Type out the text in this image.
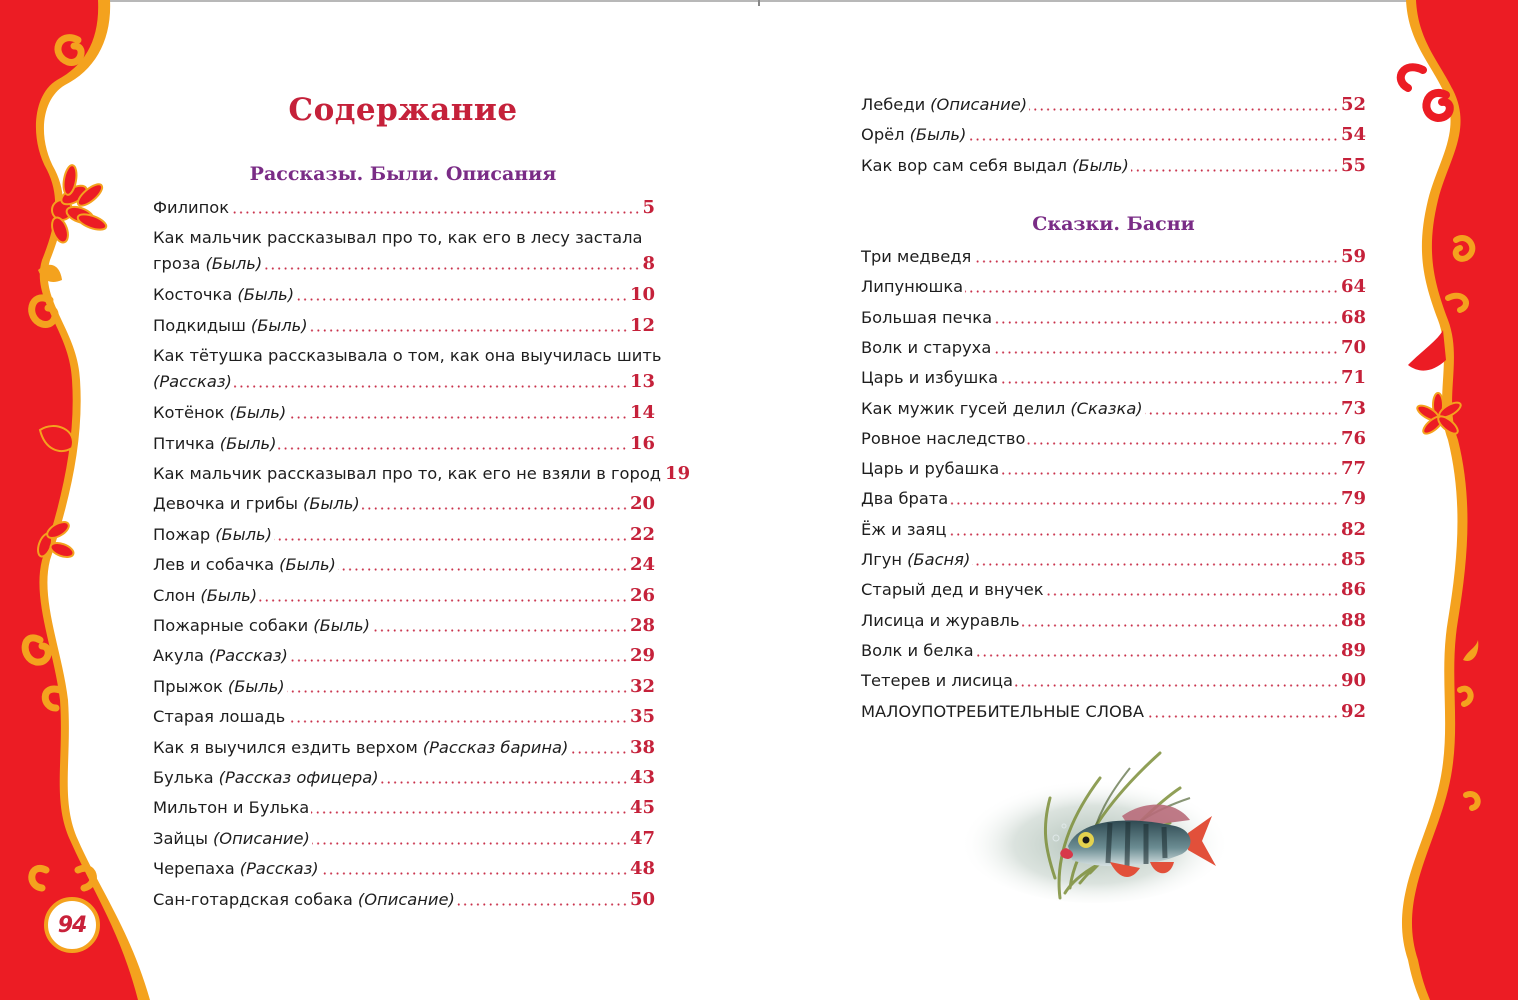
94
Содержание
Рассказы. Были. Описания
Филипок	5
Как мальчик рассказывал про то, как его в лесу застала
гроза (Быль)	8
Косточка (Быль)	10
Подкидыш (Быль)	12
Как тётушка рассказывала о том, как она выучилась шить
(Рассказ)	13
Котёнок (Быль)	14
Птичка (Быль)	16
Как мальчик рассказывал про то, как его не взяли в город 19
Девочка и грибы (Быль)	20
Пожар (Быль)	22
Лев и собачка (Быль)	24
Слон (Быль)	26
Пожарные собаки (Быль)	28
Акула (Рассказ)	29
Прыжок (Быль)	32
Старая лошадь	35
Как я выучился ездить верхом (Рассказ барина)	38
Булька (Рассказ офицера)	43
Мильтон и Булька	45
Зайцы (Описание)	47
Черепаха (Рассказ)	48
Сан-готардская собака (Описание)	50
Лебеди (Описание)	52
Орёл (Быль)	54
Как вор сам себя выдал (Быль)	55
Сказки. Басни
Три медведя	59
Липунюшка	64
Большая печка	68
Волк и старуха	70
Царь и избушка	71
Как мужик гусей делил (Сказка)	73
Ровное наследство	76
Царь и рубашка	77
Два брата	79
Ёж и заяц	82
Лгун (Басня)	85
Старый дед и внучек	86
Лисица и журавль	88
Волк и белка	89
Тетерев и лисица	90
МАЛОУПОТРЕБИТЕЛЬНЫЕ СЛОВА	92
